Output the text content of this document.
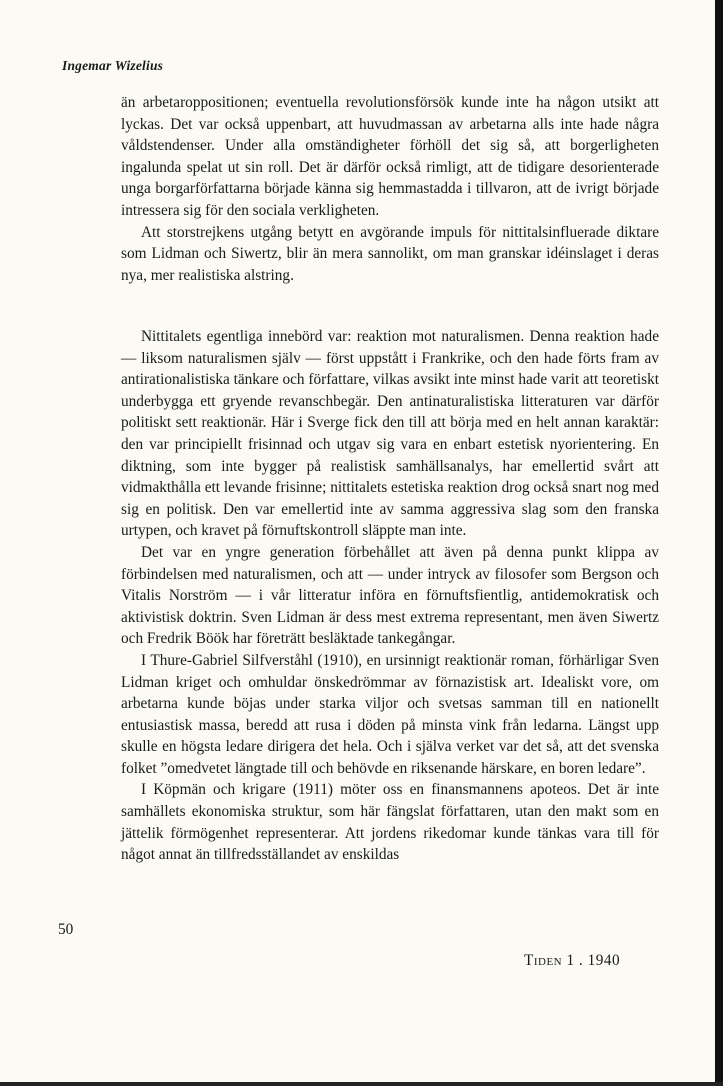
Ingemar Wizelius

än arbetaroppositionen; eventuella revolutionsförsök kunde inte ha någon utsikt att lyckas. Det var också uppenbart, att huvudmassan av arbetarna alls inte hade några våldstendenser. Under alla omständigheter förhöll det sig så, att borgerligheten ingalunda spelat ut sin roll. Det är därför också rimligt, att de tidigare desorienterade unga borgarförfattarna började känna sig hemmastadda i tillvaron, att de ivrigt började intressera sig för den sociala verkligheten.

Att storstrejkens utgång betytt en avgörande impuls för nittitalsinfluerade diktare som Lidman och Siwertz, blir än mera sannolikt, om man granskar idéinslaget i deras nya, mer realistiska alstring.

Nittitalets egentliga innebörd var: reaktion mot naturalismen. Denna reaktion hade — liksom naturalismen själv — först uppstått i Frankrike, och den hade förts fram av antirationalistiska tänkare och författare, vilkas avsikt inte minst hade varit att teoretiskt underbygga ett gryende revanschbegär. Den antinaturalistiska litteraturen var därför politiskt sett reaktionär. Här i Sverge fick den till att börja med en helt annan karaktär: den var principiellt frisinnad och utgav sig vara en enbart estetisk nyorientering. En diktning, som inte bygger på realistisk samhällsanalys, har emellertid svårt att vidmakthålla ett levande frisinne; nittitalets estetiska reaktion drog också snart nog med sig en politisk. Den var emellertid inte av samma aggressiva slag som den franska urtypen, och kravet på förnuftskontroll släppte man inte.

Det var en yngre generation förbehållet att även på denna punkt klippa av förbindelsen med naturalismen, och att — under intryck av filosofer som Bergson och Vitalis Norström — i vår litteratur införa en förnuftsfientlig, antidemokratisk och aktivistisk doktrin. Sven Lidman är dess mest extrema representant, men även Siwertz och Fredrik Böök har företrätt besläktade tankegångar.

I Thure-Gabriel Silfverståhl (1910), en ursinnigt reaktionär roman, förhärligar Sven Lidman kriget och omhuldar önskedrömmar av förnazistisk art. Idealiskt vore, om arbetarna kunde böjas under starka viljor och svetsas samman till en nationellt entusiastisk massa, beredd att rusa i döden på minsta vink från ledarna. Längst upp skulle en högsta ledare dirigera det hela. Och i själva verket var det så, att det svenska folket ”omedvetet längtade till och behövde en riksenande härskare, en boren ledare”.

I Köpmän och krigare (1911) möter oss en finansmannens apoteos. Det är inte samhällets ekonomiska struktur, som här fängslat författaren, utan den makt som en jättelik förmögenhet representerar. Att jordens rikedomar kunde tänkas vara till för något annat än tillfredsställandet av enskildas

50
Tiden 1 . 1940
